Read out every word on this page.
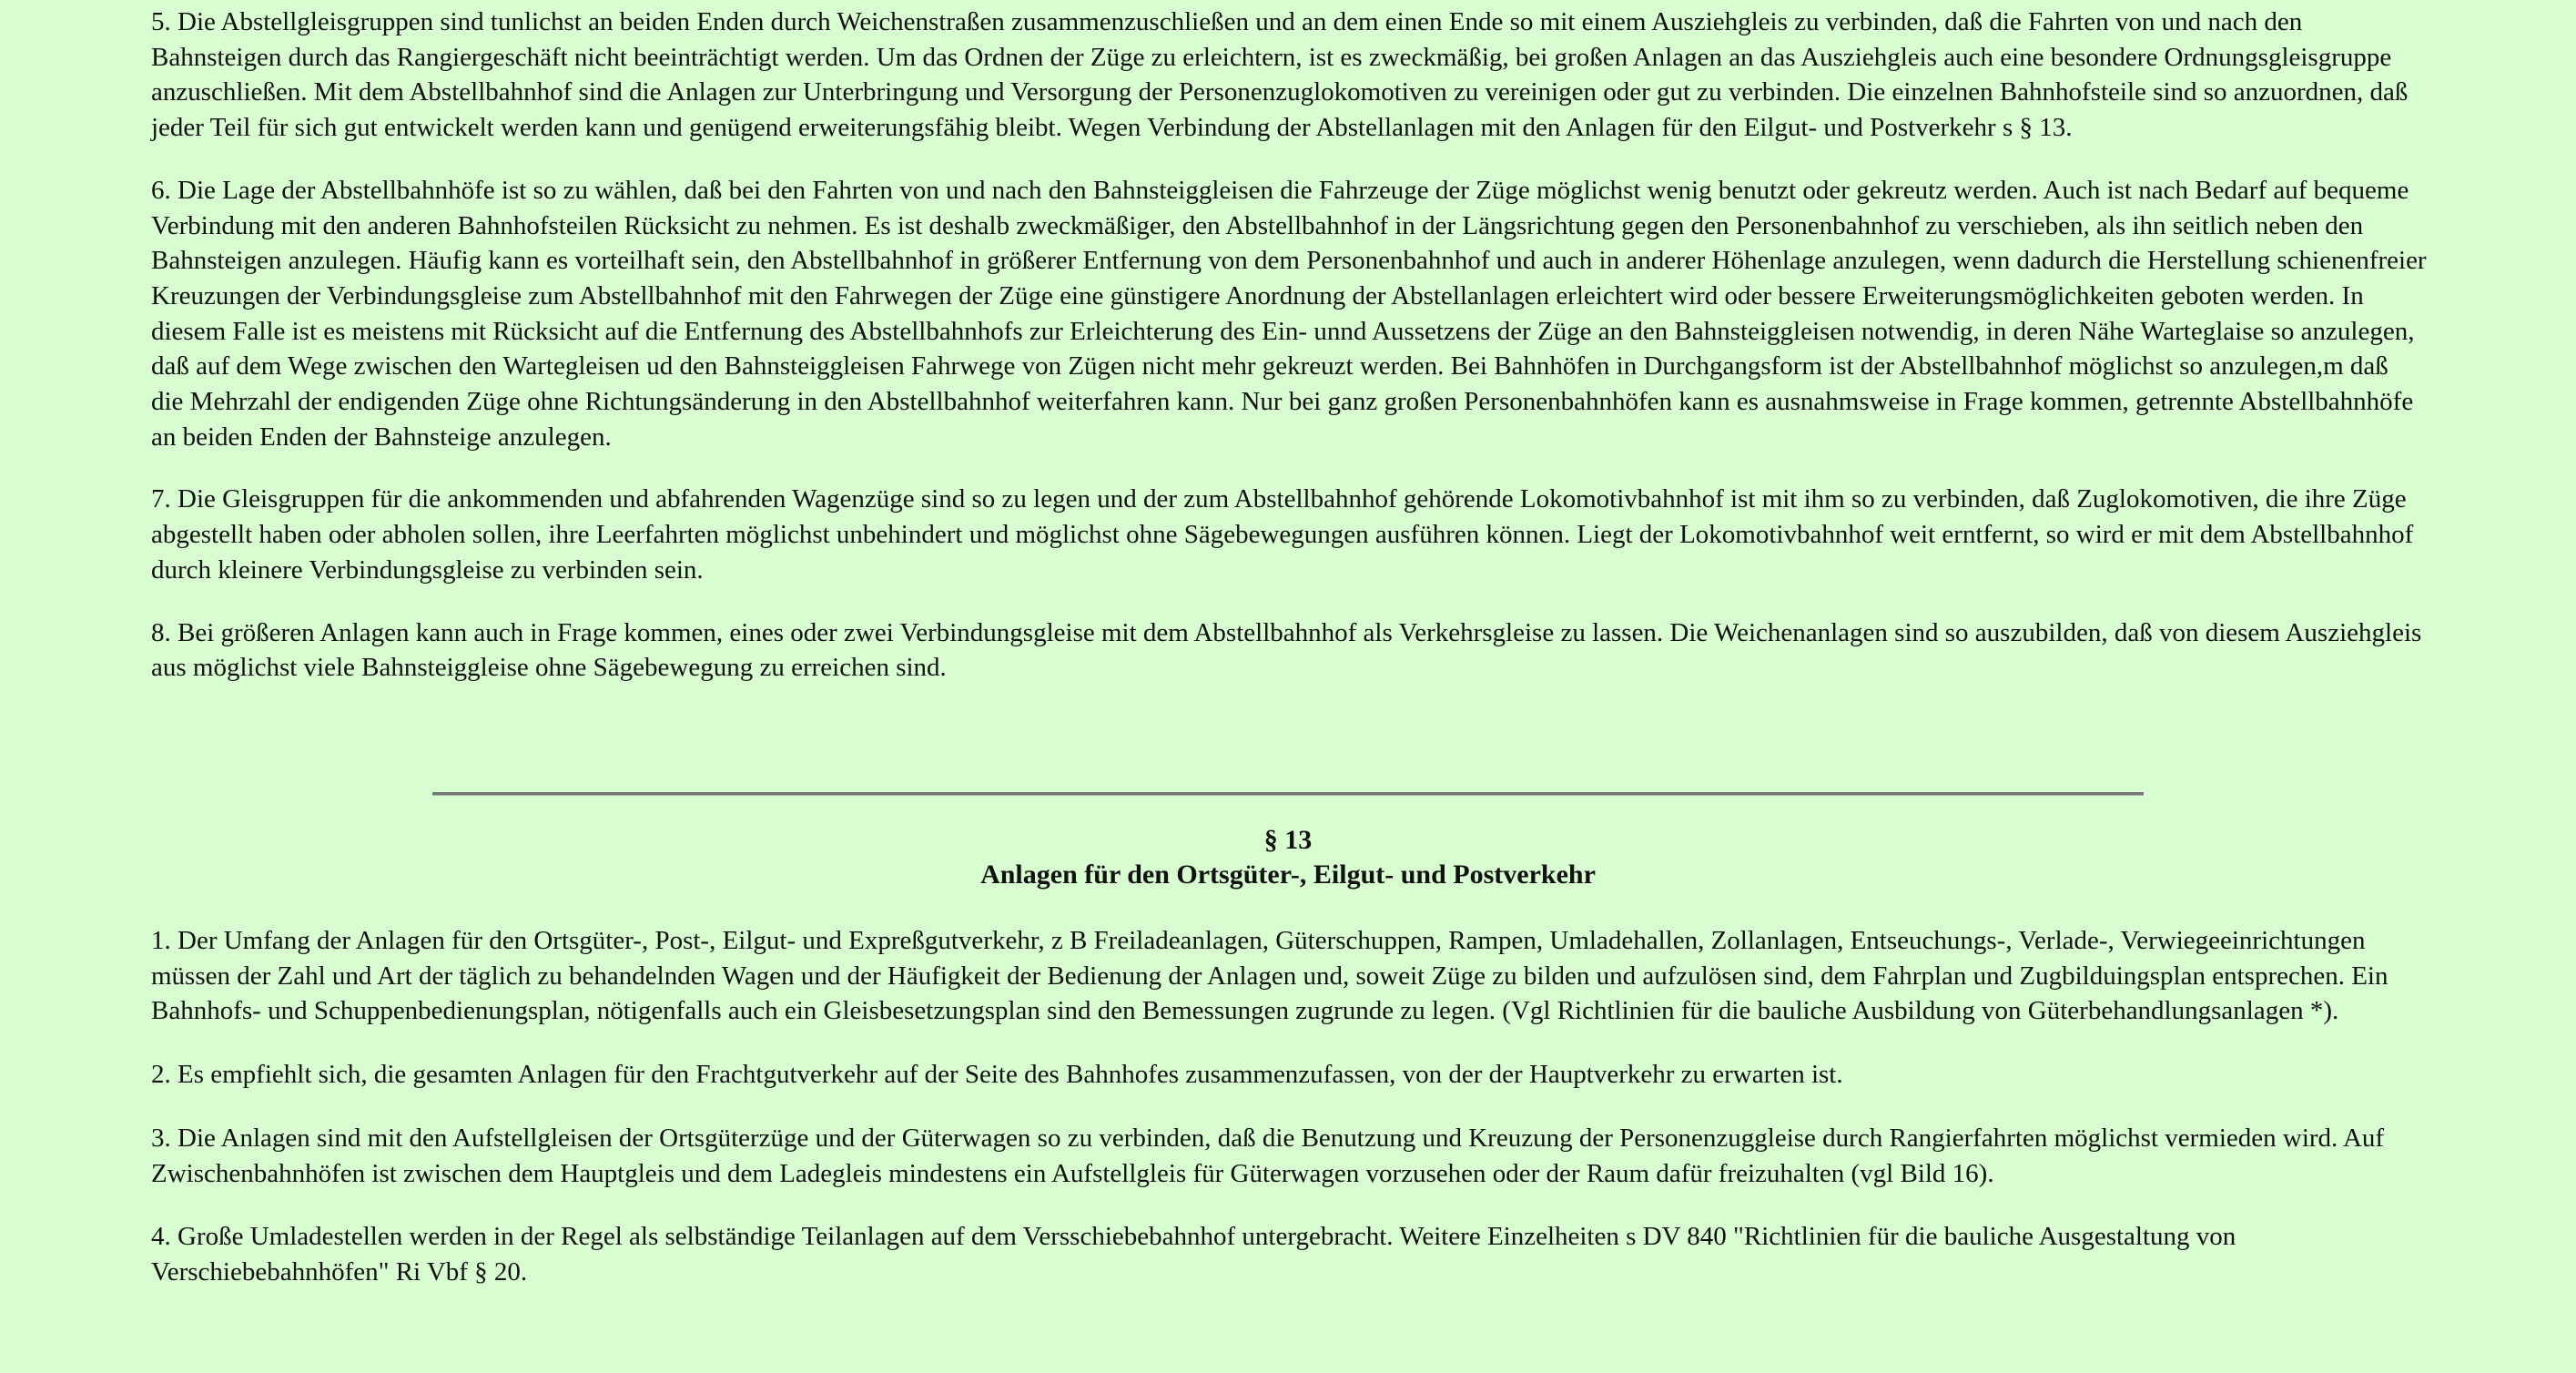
5. Die Abstellgleisgruppen sind tunlichst an beiden Enden durch Weichenstraßen zusammenzuschließen und an dem einen Ende so mit einem Ausziehgleis zu verbinden, daß die Fahrten von und nach den Bahnsteigen durch das Rangiergeschäft nicht beeinträchtigt werden. Um das Ordnen der Züge zu erleichtern, ist es zweckmäßig, bei großen Anlagen an das Ausziehgleis auch eine besondere Ordnungsgleisgruppe anzuschließen. Mit dem Abstellbahnhof sind die Anlagen zur Unterbringung und Versorgung der Personenzuglokomotiven zu vereinigen oder gut zu verbinden. Die einzelnen Bahnhofsteile sind so anzuordnen, daß jeder Teil für sich gut entwickelt werden kann und genügend erweiterungsfähig bleibt. Wegen Verbindung der Abstellanlagen mit den Anlagen für den Eilgut- und Postverkehr s § 13.

6. Die Lage der Abstellbahnhöfe ist so zu wählen, daß bei den Fahrten von und nach den Bahnsteiggleisen die Fahrzeuge der Züge möglichst wenig benutzt oder gekreutz werden. Auch ist nach Bedarf auf bequeme Verbindung mit den anderen Bahnhofsteilen Rücksicht zu nehmen. Es ist deshalb zweckmäßiger, den Abstellbahnhof in der Längsrichtung gegen den Personenbahnhof zu verschieben, als ihn seitlich neben den Bahnsteigen anzulegen. Häufig kann es vorteilhaft sein, den Abstellbahnhof in größerer Entfernung von dem Personenbahnhof und auch in anderer Höhenlage anzulegen, wenn dadurch die Herstellung schienenfreier Kreuzungen der Verbindungsgleise zum Abstellbahnhof mit den Fahrwegen der Züge eine günstigere Anordnung der Abstellanlagen erleichtert wird oder bessere Erweiterungsmöglichkeiten geboten werden. In diesem Falle ist es meistens mit Rücksicht auf die Entfernung des Abstellbahnhofs zur Erleichterung des Ein- unnd Aussetzens der Züge an den Bahnsteiggleisen notwendig, in deren Nähe Warteglaise so anzulegen, daß auf dem Wege zwischen den Wartegleisen ud den Bahnsteiggleisen Fahrwege von Zügen nicht mehr gekreuzt werden. Bei Bahnhöfen in Durchgangsform ist der Abstellbahnhof möglichst so anzulegen,m daß die Mehrzahl der endigenden Züge ohne Richtungsänderung in den Abstellbahnhof weiterfahren kann. Nur bei ganz großen Personenbahnhöfen kann es ausnahmsweise in Frage kommen, getrennte Abstellbahnhöfe an beiden Enden der Bahnsteige anzulegen.

7. Die Gleisgruppen für die ankommenden und abfahrenden Wagenzüge sind so zu legen und der zum Abstellbahnhof gehörende Lokomotivbahnhof ist mit ihm so zu verbinden, daß Zuglokomotiven, die ihre Züge abgestellt haben oder abholen sollen, ihre Leerfahrten möglichst unbehindert und möglichst ohne Sägebewegungen ausführen können. Liegt der Lokomotivbahnhof weit erntfernt, so wird er mit dem Abstellbahnhof durch kleinere Verbindungsgleise zu verbinden sein.

8. Bei größeren Anlagen kann auch in Frage kommen, eines oder zwei Verbindungsgleise mit dem Abstellbahnhof als Verkehrsgleise zu lassen. Die Weichenanlagen sind so auszubilden, daß von diesem Ausziehgleis aus möglichst viele Bahnsteiggleise ohne Sägebewegung zu erreichen sind.

§ 13
Anlagen für den Ortsgüter-, Eilgut- und Postverkehr

1. Der Umfang der Anlagen für den Ortsgüter-, Post-, Eilgut- und Expreßgutverkehr, z B Freiladeanlagen, Güterschuppen, Rampen, Umladehallen, Zollanlagen, Entseuchungs-, Verlade-, Verwiegeeinrichtungen müssen der Zahl und Art der täglich zu behandelnden Wagen und der Häufigkeit der Bedienung der Anlagen und, soweit Züge zu bilden und aufzulösen sind, dem Fahrplan und Zugbilduingsplan entsprechen. Ein Bahnhofs- und Schuppenbedienungsplan, nötigenfalls auch ein Gleisbesetzungsplan sind den Bemessungen zugrunde zu legen. (Vgl Richtlinien für die bauliche Ausbildung von Güterbehandlungsanlagen *).

2. Es empfiehlt sich, die gesamten Anlagen für den Frachtgutverkehr auf der Seite des Bahnhofes zusammenzufassen, von der der Hauptverkehr zu erwarten ist.

3. Die Anlagen sind mit den Aufstellgleisen der Ortsgüterzüge und der Güterwagen so zu verbinden, daß die Benutzung und Kreuzung der Personenzuggleise durch Rangierfahrten möglichst vermieden wird. Auf Zwischenbahnhöfen ist zwischen dem Hauptgleis und dem Ladegleis mindestens ein Aufstellgleis für Güterwagen vorzusehen oder der Raum dafür freizuhalten (vgl Bild 16).

4. Große Umladestellen werden in der Regel als selbständige Teilanlagen auf dem Versschiebebahnhof untergebracht. Weitere Einzelheiten s DV 840 "Richtlinien für die bauliche Ausgestaltung von Verschiebebahnhöfen" Ri Vbf § 20.
